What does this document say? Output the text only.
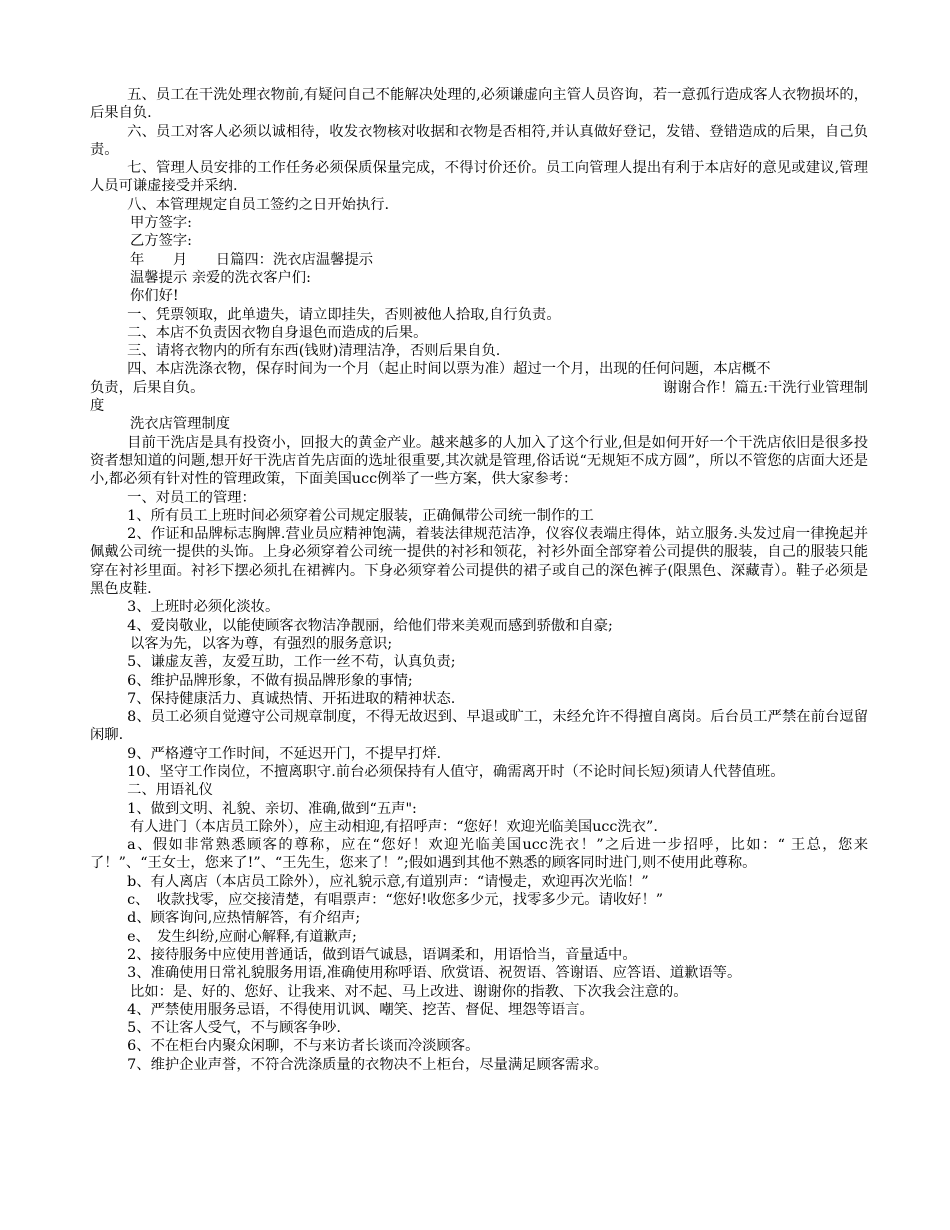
五、员工在干洗处理衣物前,有疑问自己不能解决处理的,必须谦虚向主管人员咨询，若一意孤行造成客人衣物损坏的，后果自负.

六、员工对客人必须以诚相待，收发衣物核对收据和衣物是否相符,并认真做好登记，发错、登错造成的后果，自己负责。

七、管理人员安排的工作任务必须保质保量完成，不得讨价还价。员工向管理人提出有利于本店好的意见或建议,管理人员可谦虚接受并采纳.

八、本管理规定自员工签约之日开始执行.

甲方签字:

乙方签字:

年　　月　　日篇四：洗衣店温馨提示

温馨提示 亲爱的洗衣客户们:

你们好!

一、凭票领取，此单遗失，请立即挂失，否则被他人拾取,自行负责。

二、本店不负责因衣物自身退色而造成的后果。

三、请将衣物内的所有东西(钱财)清理洁净，否则后果自负.

四、本店洗涤衣物，保存时间为一个月（起止时间以票为准）超过一个月，出现的任何问题，本店概不

负责，后果自负。	谢谢合作！篇五:干洗行业管理制

度

洗衣店管理制度

目前干洗店是具有投资小，回报大的黄金产业。越来越多的人加入了这个行业,但是如何开好一个干洗店依旧是很多投资者想知道的问题,想开好干洗店首先店面的选址很重要,其次就是管理,俗话说“无规矩不成方圆”，所以不管您的店面大还是小,都必须有针对性的管理政策，下面美国ucc例举了一些方案，供大家参考：

一、对员工的管理：

1、所有员工上班时间必须穿着公司规定服装，正确佩带公司统一制作的工

2、作证和品牌标志胸牌.营业员应精神饱满，着装法律规范洁净，仪容仪表端庄得体，站立服务.头发过肩一律挽起并佩戴公司统一提供的头饰。上身必须穿着公司统一提供的衬衫和领花，衬衫外面全部穿着公司提供的服装，自己的服装只能穿在衬衫里面。衬衫下摆必须扎在裙裤内。下身必须穿着公司提供的裙子或自己的深色裤子(限黑色、深藏青）。鞋子必须是黑色皮鞋.

3、上班时必须化淡妆。

4、爱岗敬业，以能使顾客衣物洁净靓丽，给他们带来美观而感到骄傲和自豪;

以客为先，以客为尊，有强烈的服务意识;

5、谦虚友善，友爱互助，工作一丝不苟，认真负责;

6、维护品牌形象，不做有损品牌形象的事情;

7、保持健康活力、真诚热情、开拓进取的精神状态.

8、员工必须自觉遵守公司规章制度，不得无故迟到、早退或旷工，未经允许不得擅自离岗。后台员工严禁在前台逗留闲聊.

9、严格遵守工作时间，不延迟开门，不提早打烊.

10、坚守工作岗位，不擅离职守.前台必须保持有人值守，确需离开时（不论时间长短)须请人代替值班。

二、用语礼仪

1、做到文明、礼貌、亲切、准确,做到“五声":

有人进门（本店员工除外），应主动相迎,有招呼声：“您好！欢迎光临美国ucc洗衣”.

a、假如非常熟悉顾客的尊称，应在“您好！欢迎光临美国ucc洗衣！”之后进一步招呼，比如：“ 王总，您来了！”、“王女士，您来了!”、“王先生，您来了！”;假如遇到其他不熟悉的顾客同时进门,则不使用此尊称。

b、有人离店（本店员工除外），应礼貌示意,有道别声：“请慢走，欢迎再次光临！”

c、　收款找零，应交接清楚，有唱票声：“您好!收您多少元，找零多少元。请收好！”

d、顾客询问,应热情解答，有介绍声;

e、　发生纠纷,应耐心解释,有道歉声;

2、接待服务中应使用普通话，做到语气诚恳，语调柔和，用语恰当，音量适中。

3、准确使用日常礼貌服务用语,准确使用称呼语、欣赏语、祝贺语、答谢语、应答语、道歉语等。

比如：是、好的、您好、让我来、对不起、马上改进、谢谢你的指教、下次我会注意的。

4、严禁使用服务忌语，不得使用讥讽、嘲笑、挖苦、督促、埋怨等语言。

5、不让客人受气，不与顾客争吵.

6、不在柜台内聚众闲聊，不与来访者长谈而冷淡顾客。

7、维护企业声誉，不符合洗涤质量的衣物决不上柜台，尽量满足顾客需求。
